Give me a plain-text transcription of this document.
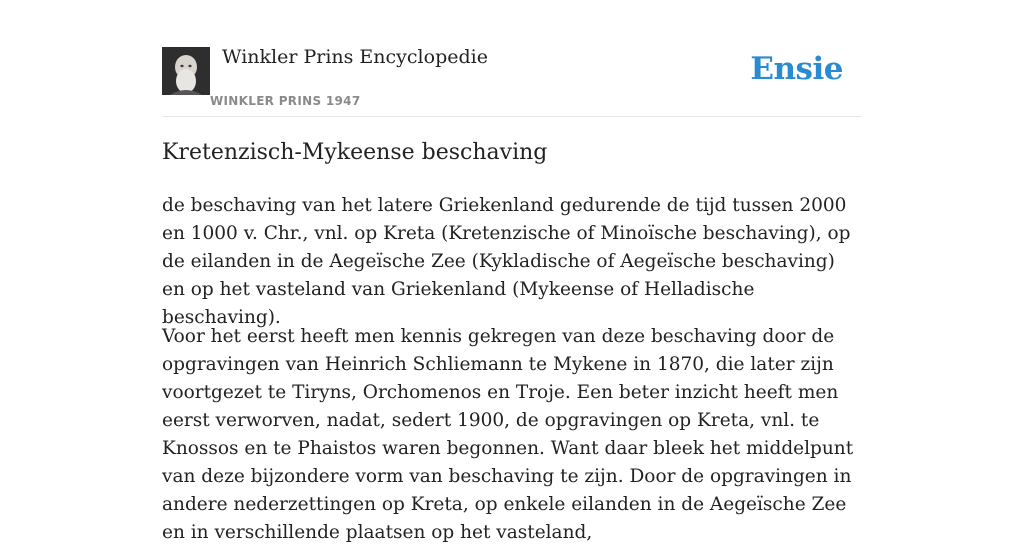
Winkler Prins Encyclopedie
WINKLER PRINS 1947
Ensie
Kretenzisch-Mykeense beschaving

de beschaving van het latere Griekenland gedurende de tijd tussen 2000 en 1000 v. Chr., vnl. op Kreta (Kretenzische of Minoïsche beschaving), op de eilanden in de Aegeïsche Zee (Kykladische of Aegeïsche beschaving) en op het vasteland van Griekenland (Mykeense of Helladische beschaving).

Voor het eerst heeft men kennis gekregen van deze beschaving door de opgravingen van Heinrich Schliemann te Mykene in 1870, die later zijn voortgezet te Tiryns, Orchomenos en Troje. Een beter inzicht heeft men eerst verworven, nadat, sedert 1900, de opgravingen op Kreta, vnl. te Knossos en te Phaistos waren begonnen. Want daar bleek het middelpunt van deze bijzondere vorm van beschaving te zijn. Door de opgravingen in andere nederzettingen op Kreta, op enkele eilanden in de Aegeïsche Zee en in verschillende plaatsen op het vasteland,
